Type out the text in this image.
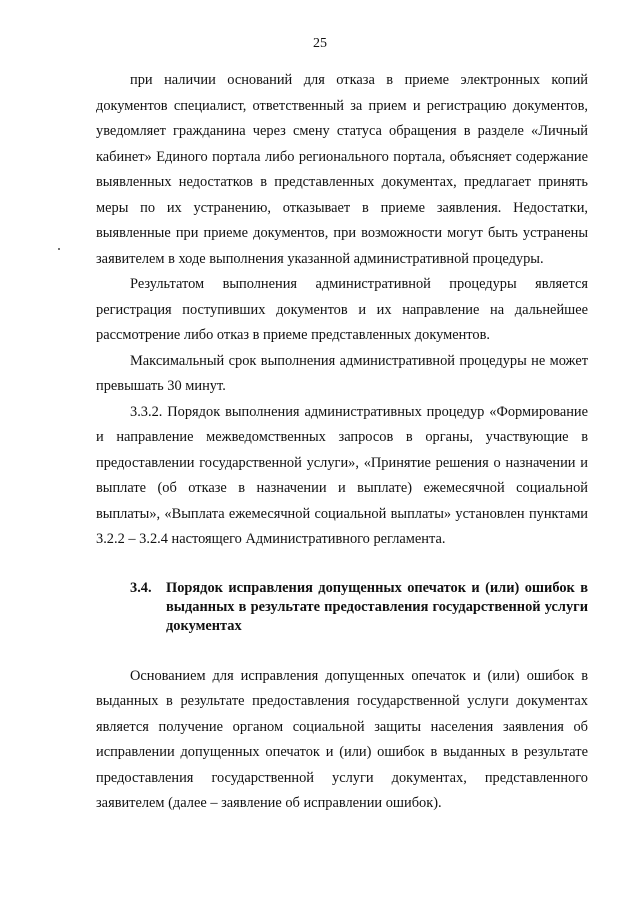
25

при наличии оснований для отказа в приеме электронных копий документов специалист, ответственный за прием и регистрацию документов, уведомляет гражданина через смену статуса обращения в разделе «Личный кабинет» Единого портала либо регионального портала, объясняет содержание выявленных недостатков в представленных документах, предлагает принять меры по их устранению, отказывает в приеме заявления. Недостатки, выявленные при приеме документов, при возможности могут быть устранены заявителем в ходе выполнения указанной административной процедуры.

Результатом выполнения административной процедуры является регистрация поступивших документов и их направление на дальнейшее рассмотрение либо отказ в приеме представленных документов.

Максимальный срок выполнения административной процедуры не может превышать 30 минут.

3.3.2. Порядок выполнения административных процедур «Формирование и направление межведомственных запросов в органы, участвующие в предоставлении государственной услуги», «Принятие решения о назначении и выплате (об отказе в назначении и выплате) ежемесячной социальной выплаты», «Выплата ежемесячной социальной выплаты» установлен пунктами 3.2.2 – 3.2.4 настоящего Административного регламента.

3.4.	Порядок исправления допущенных опечаток и (или) ошибок в выданных в результате предоставления государственной услуги документах

Основанием для исправления допущенных опечаток и (или) ошибок в выданных в результате предоставления государственной услуги документах является получение органом социальной защиты населения заявления об исправлении допущенных опечаток и (или) ошибок в выданных в результате предоставления государственной услуги документах, представленного заявителем (далее – заявление об исправлении ошибок).
